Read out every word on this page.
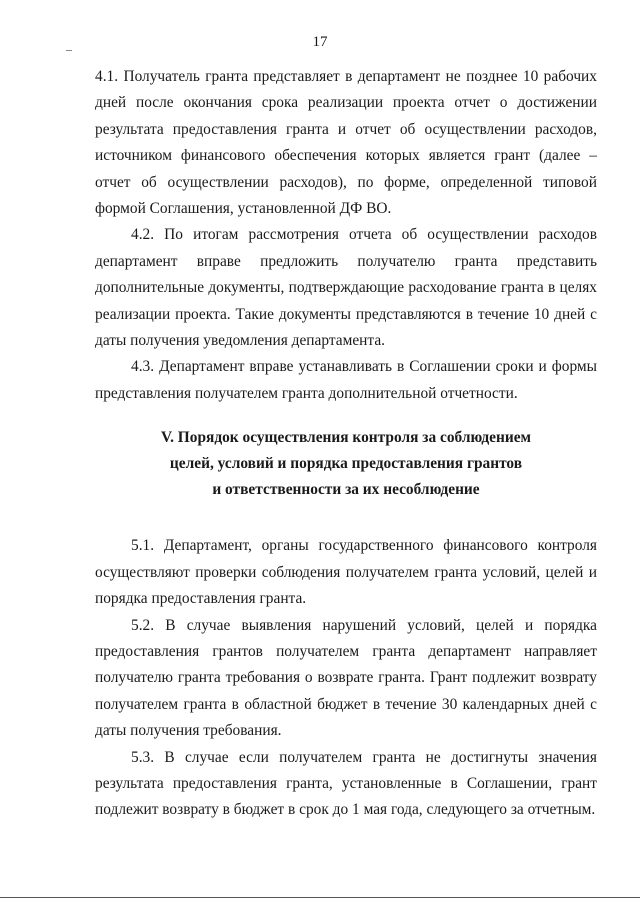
17

4.1. Получатель гранта представляет в департамент не позднее 10 рабочих дней после окончания срока реализации проекта отчет о достижении результата предоставления гранта и отчет об осуществлении расходов, источником финансового обеспечения которых является грант (далее – отчет об осуществлении расходов), по форме, определенной типовой формой Соглашения, установленной ДФ ВО.

4.2. По итогам рассмотрения отчета об осуществлении расходов департамент вправе предложить получателю гранта представить дополнительные документы, подтверждающие расходование гранта в целях реализации проекта. Такие документы представляются в течение 10 дней с даты получения уведомления департамента.

4.3. Департамент вправе устанавливать в Соглашении сроки и формы представления получателем гранта дополнительной отчетности.

V. Порядок осуществления контроля за соблюдением
целей, условий и порядка предоставления грантов
и ответственности за их несоблюдение

5.1. Департамент, органы государственного финансового контроля осуществляют проверки соблюдения получателем гранта условий, целей и порядка предоставления гранта.

5.2. В случае выявления нарушений условий, целей и порядка предоставления грантов получателем гранта департамент направляет получателю гранта требования о возврате гранта. Грант подлежит возврату получателем гранта в областной бюджет в течение 30 календарных дней с даты получения требования.

5.3. В случае если получателем гранта не достигнуты значения результата предоставления гранта, установленные в Соглашении, грант подлежит возврату в бюджет в срок до 1 мая года, следующего за отчетным.
